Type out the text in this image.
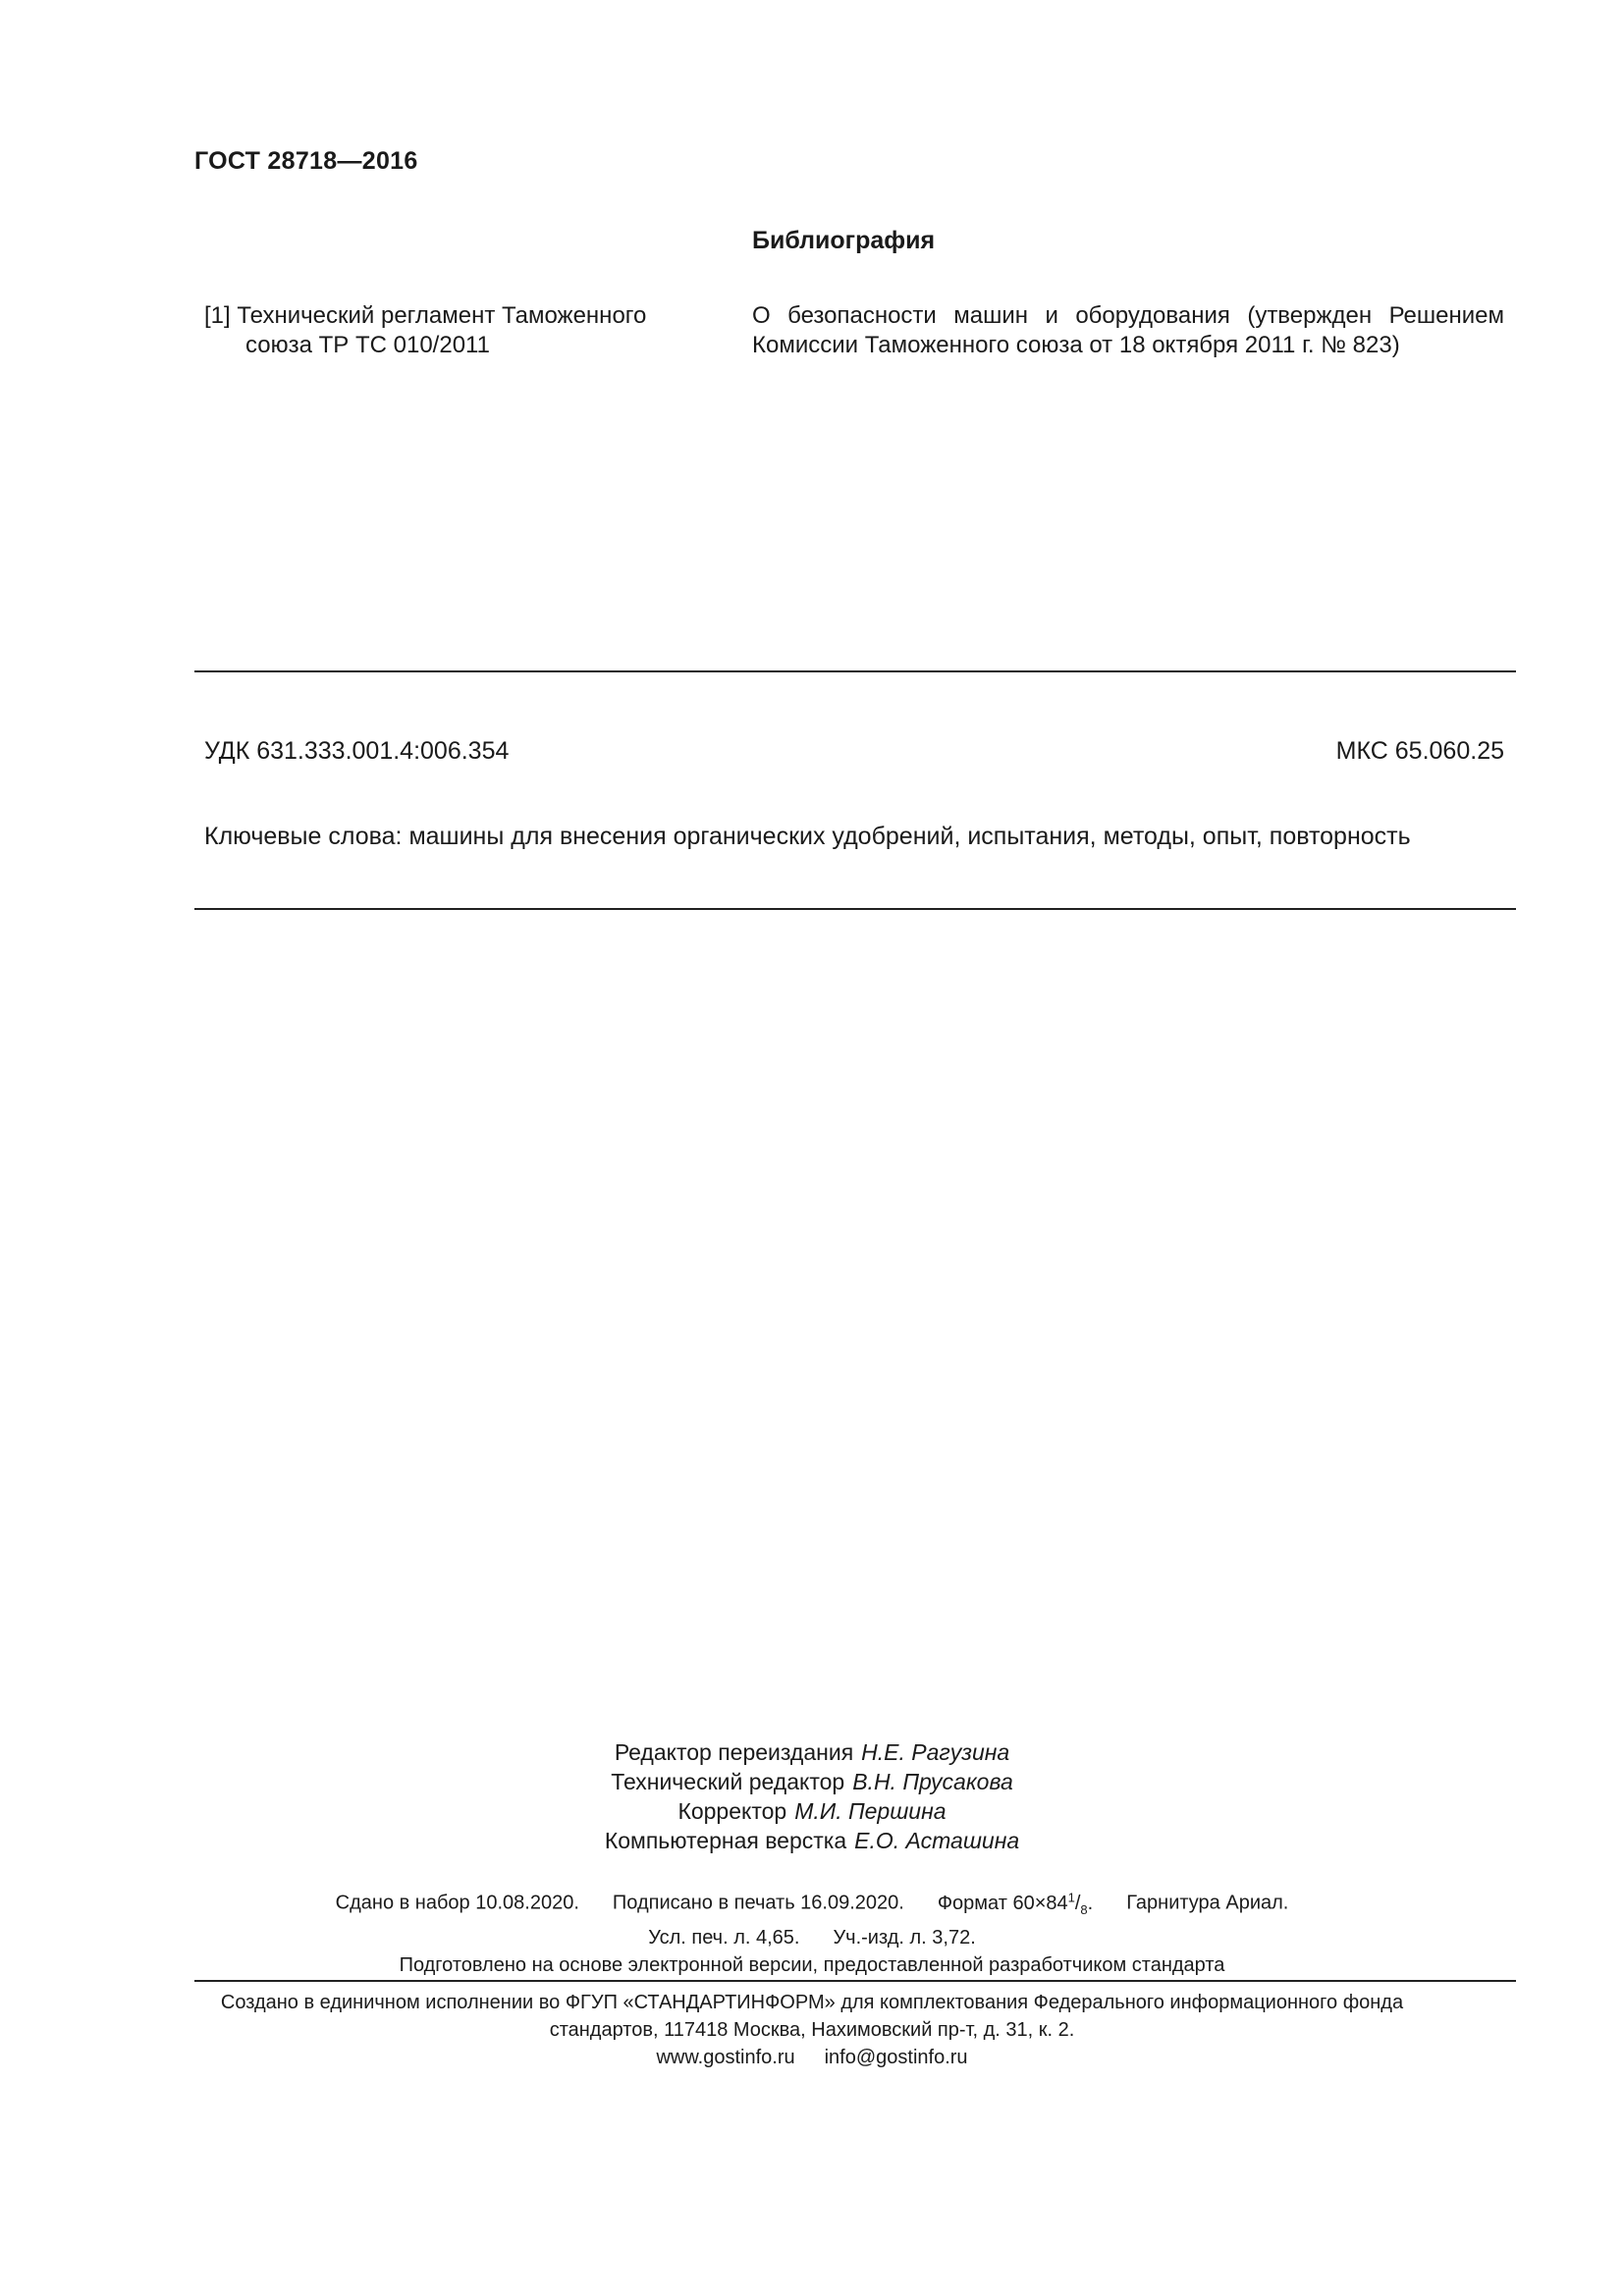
ГОСТ 28718—2016
Библиография
[1] Технический регламент Таможенного
союза ТР ТС 010/2011
О безопасности машин и оборудования (утвержден Решением Комиссии Таможенного союза от 18 октября 2011 г. № 823)
УДК 631.333.001.4:006.354	МКС 65.060.25
Ключевые слова: машины для внесения органических удобрений, испытания, методы, опыт, повторность
Редактор переиздания Н.Е. Рагузина
Технический редактор В.Н. Прусакова
Корректор М.И. Першина
Компьютерная верстка Е.О. Асташина
Сдано в набор 10.08.2020. Подписано в печать 16.09.2020. Формат $60\times 84^1/_8$. Гарнитура Ариал.
Усл. печ. л. 4,65. Уч.-изд. л. 3,72.
Подготовлено на основе электронной версии, предоставленной разработчиком стандарта
Создано в единичном исполнении во ФГУП «СТАНДАРТИНФОРМ» для комплектования Федерального информационного фонда
стандартов, 117418 Москва, Нахимовский пр-т, д. 31, к. 2.
www.gostinfo.ru info@gostinfo.ru
